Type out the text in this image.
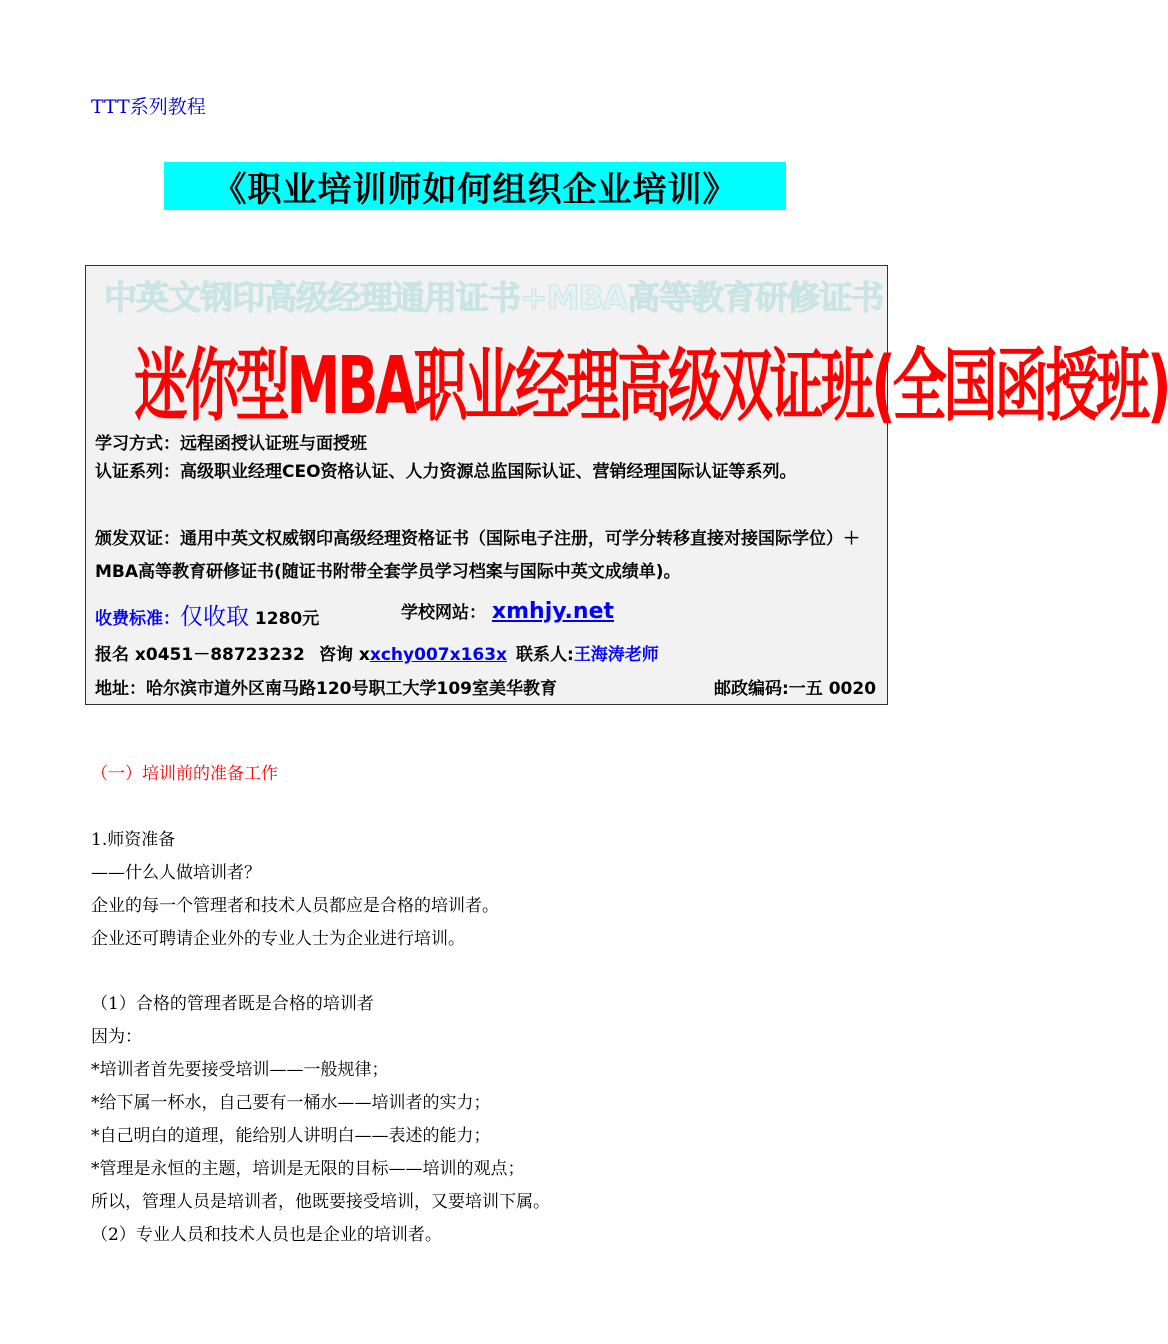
TTT系列教程
《职业培训师如何组织企业培训》
中英文钢印高级经理通用证书+MBA高等教育研修证书
迷你型MBA职业经理高级双证班(全国函授班)
学习方式：远程函授认证班与面授班
认证系列：高级职业经理CEO资格认证、人力资源总监国际认证、营销经理国际认证等系列。
颁发双证：通用中英文权威钢印高级经理资格证书（国际电子注册，可学分转移直接对接国际学位）＋MBA高等教育研修证书(随证书附带全套学员学习档案与国际中英文成绩单)。
收费标准：仅收取 1280元	学校网站： xmhjy.net
报名 x0451－88723232 咨询 xxchy007x163x 联系人:王海涛老师
地址：哈尔滨市道外区南马路120号职工大学109室美华教育	邮政编码:一五 0020
（一）培训前的准备工作
1.师资准备
——什么人做培训者？
企业的每一个管理者和技术人员都应是合格的培训者。
企业还可聘请企业外的专业人士为企业进行培训。
（1）合格的管理者既是合格的培训者
因为：
*培训者首先要接受培训——一般规律；
*给下属一杯水，自己要有一桶水——培训者的实力；
*自己明白的道理，能给别人讲明白——表述的能力；
*管理是永恒的主题，培训是无限的目标——培训的观点；
所以，管理人员是培训者，他既要接受培训，又要培训下属。
（2）专业人员和技术人员也是企业的培训者。
